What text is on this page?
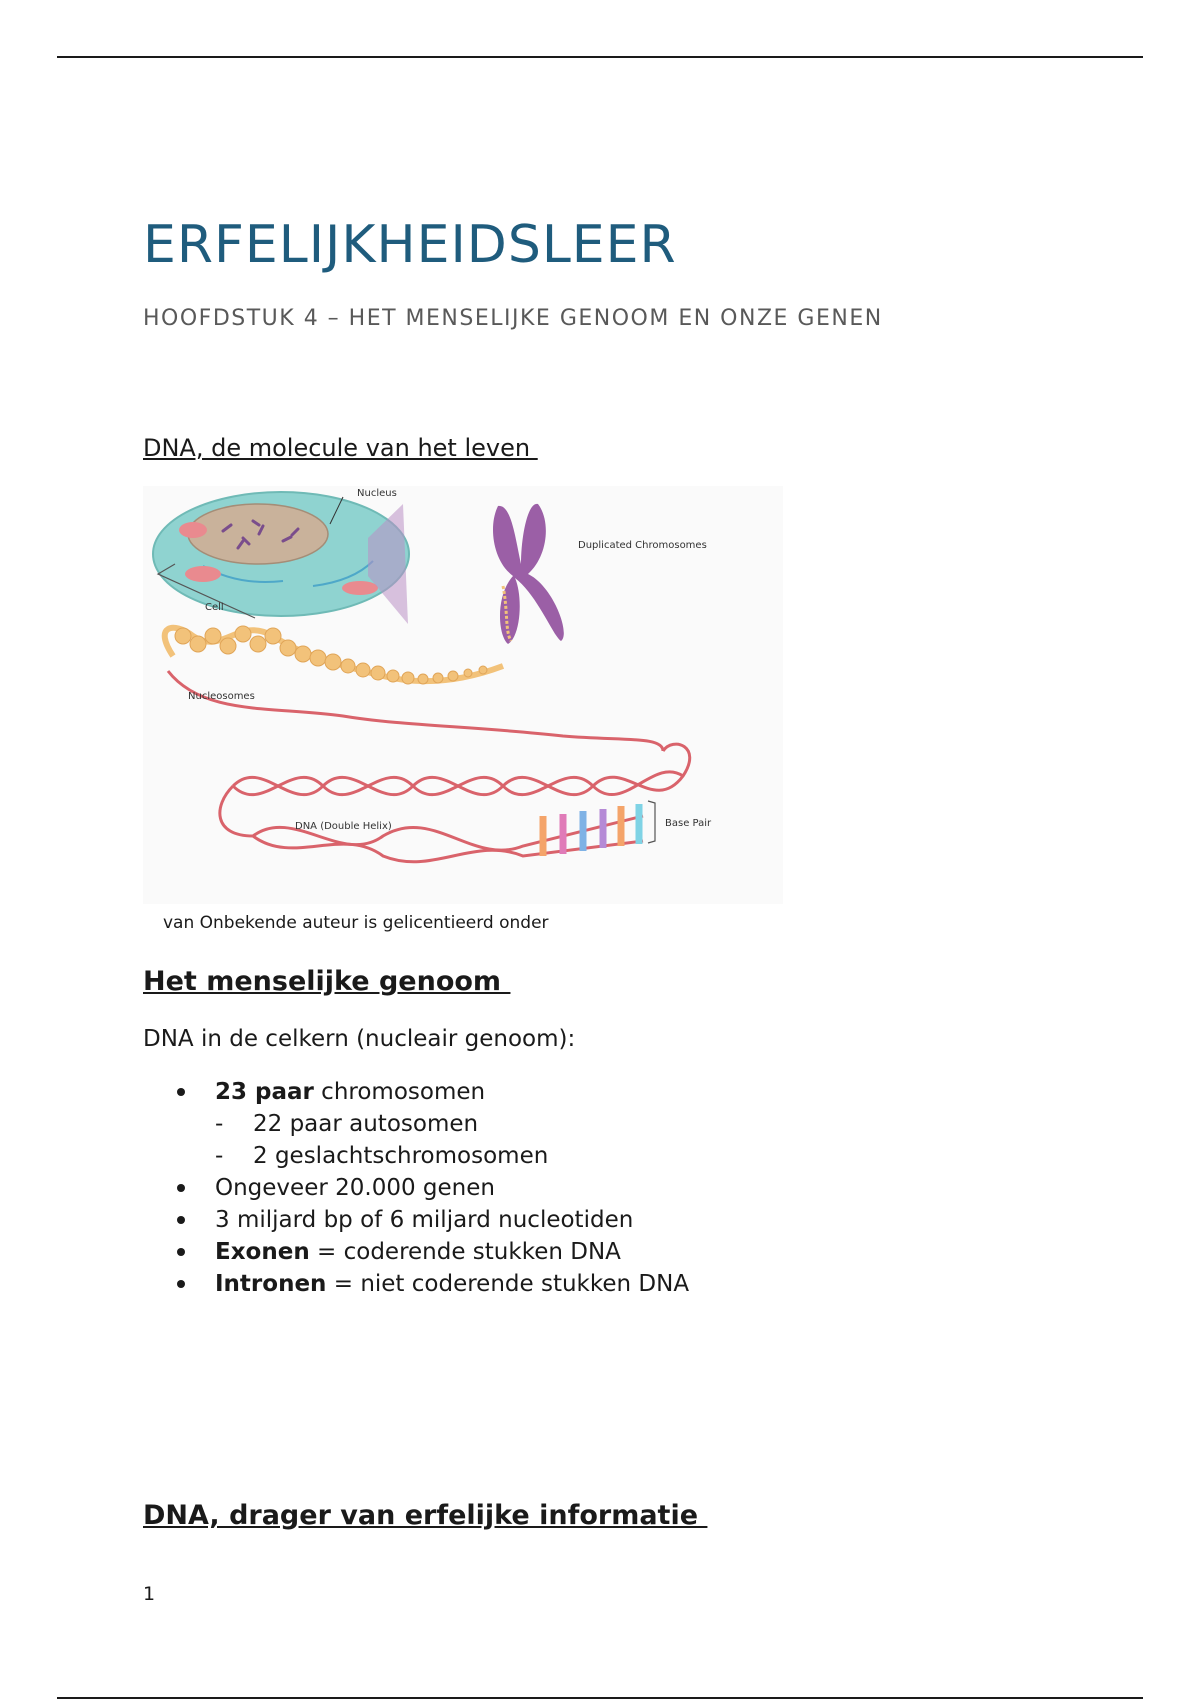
ERFELIJKHEIDSLEER

HOOFDSTUK 4 – HET MENSELIJKE GENOOM EN ONZE GENEN

DNA, de molecule van het leven
Nucleus
Duplicated Chromosomes
Cell
Nucleosomes
DNA (Double Helix)	Base Pair

van Onbekende auteur is gelicentieerd onder

Het menselijke genoom

DNA in de celkern (nucleair genoom):

23 paar chromosomen
- 22 paar autosomen
- 2 geslachtschromosomen
Ongeveer 20.000 genen
3 miljard bp of 6 miljard nucleotiden
Exonen = coderende stukken DNA
Intronen = niet coderende stukken DNA
DNA, drager van erfelijke informatie

1
